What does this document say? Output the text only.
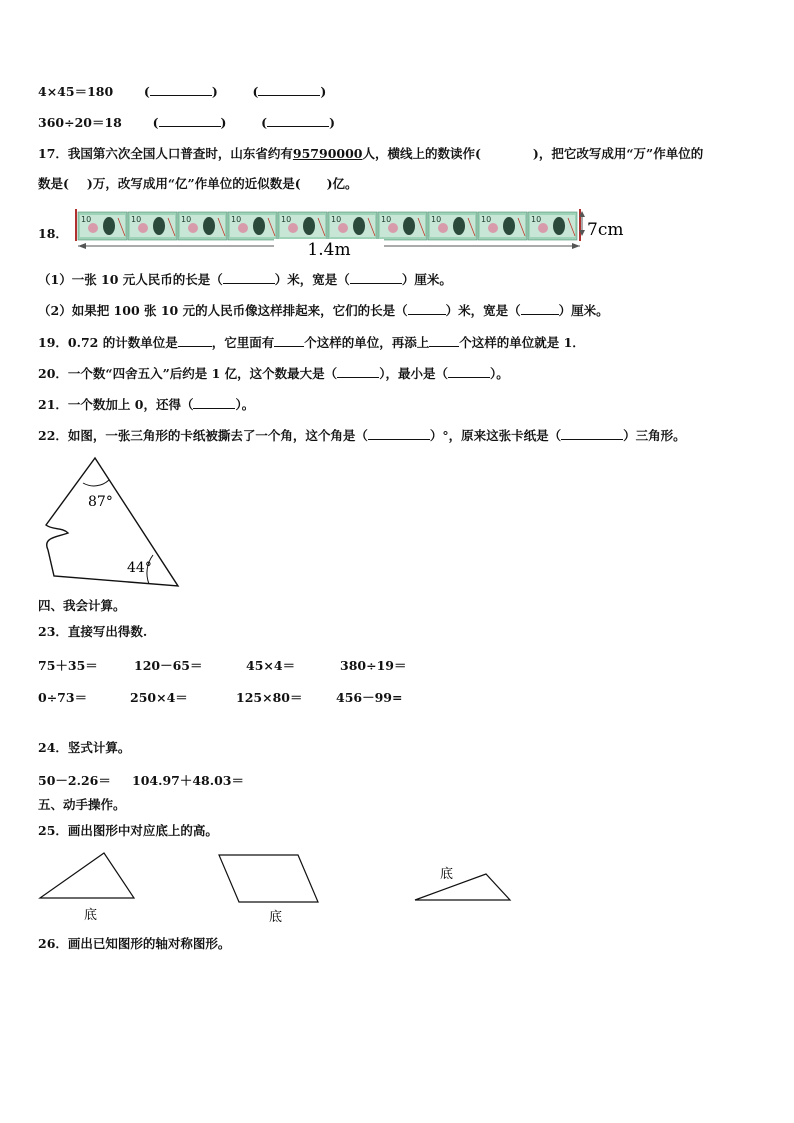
4×45＝180 (	)	(	)
360÷20＝18 (	)	(	)
17．我国第六次全国人口普查时，山东省约有95790000人，横线上的数读作(	)，把它改写成用“万”作单位的
数是( )万，改写成用“亿”作单位的近似数是( )亿。
18．
10	10	10	10	10	10	10	10	10	10
1.4m
7cm
（1）一张 10 元人民币的长是（	）米，宽是（	）厘米。
（2）如果把 100 张 10 元的人民币像这样排起来，它们的长是（	）米，宽是（	）厘米。
19．0.72 的计数单位是	，它里面有 个这样的单位，再添上 个这样的单位就是 1．
20．一个数“四舍五入”后约是 1 亿，这个数最大是（	），最小是（	）。
21．一个数加上 0，还得（	）。
22．如图，一张三角形的卡纸被撕去了一个角，这个角是（	）°，原来这张卡纸是（	）三角形。
87°
44°
四、我会计算。
23．直接写出得数.
75＋35＝	120－65＝	45×4＝	380÷19＝
0÷73＝	250×4＝	125×80＝	456－99=
24．竖式计算。
50－2.26＝ 104.97＋48.03＝
五、动手操作。
25．画出图形中对应底上的高。
底	底
底
26．画出已知图形的轴对称图形。
